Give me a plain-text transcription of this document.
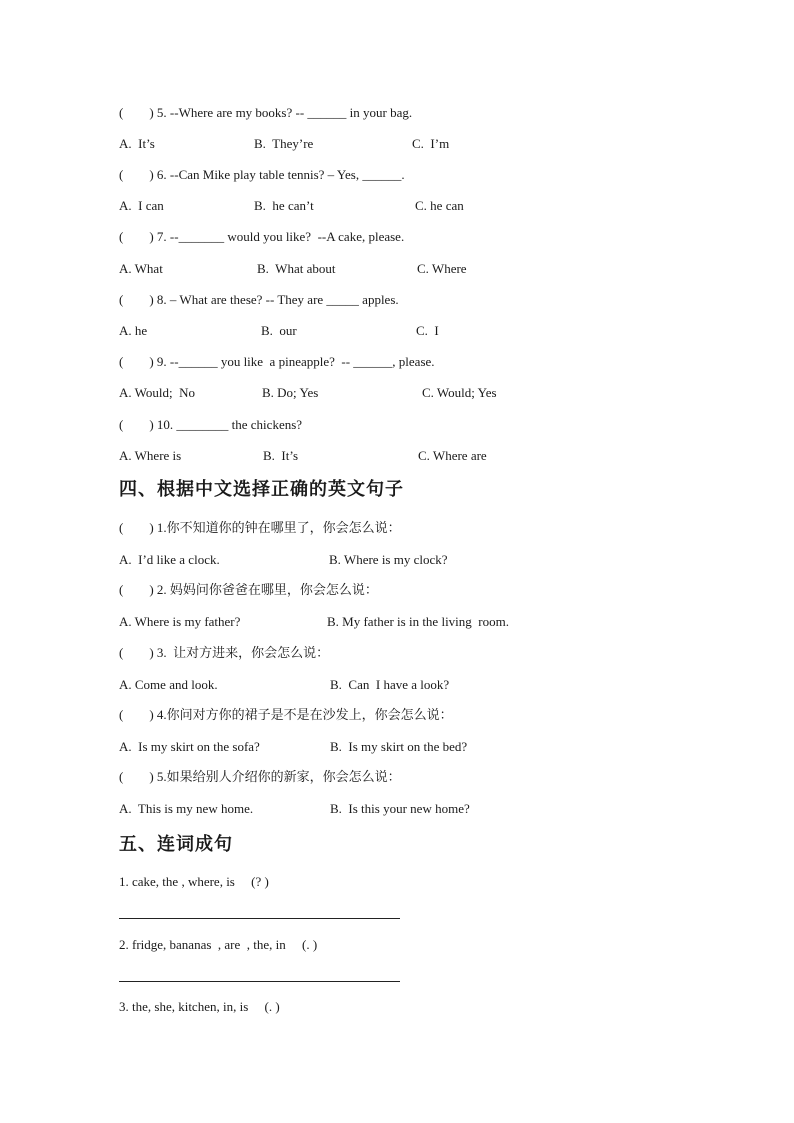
(        ) 5. --Where are my books? -- ______ in your bag.
A.  It’s	B.  They’re	C.  I’m
(        ) 6. --Can Mike play table tennis? – Yes, ______.
A.  I can	B.  he can’t	C. he can
(        ) 7. --_______ would you like?  --A cake, please.
A. What	B.  What about	C. Where
(        ) 8. – What are these? -- They are _____ apples.
A. he	B.  our	C.  I
(        ) 9. --______ you like  a pineapple?  -- ______, please.
A. Would;  No	B. Do; Yes	C. Would; Yes
(        ) 10. ________ the chickens?
A. Where is	B.  It’s	C. Where are
四、根据中文选择正确的英文句子
(        ) 1.你不知道你的钟在哪里了，你会怎么说：
A.  I’d like a clock.	B. Where is my clock?
(        ) 2. 妈妈问你爸爸在哪里，你会怎么说：
A. Where is my father?	B. My father is in the living  room.
(        ) 3.  让对方进来，你会怎么说：
A. Come and look.	B.  Can  I have a look?
(        ) 4.你问对方你的裙子是不是在沙发上，你会怎么说：
A.  Is my skirt on the sofa?	B.  Is my skirt on the bed?
(        ) 5.如果给别人介绍你的新家，你会怎么说：
A.  This is my new home.	B.  Is this your new home?
五、连词成句
1. cake, the , where, is     (? )
2. fridge, bananas  , are  , the, in     (. )
3. the, she, kitchen, in, is     (. )
